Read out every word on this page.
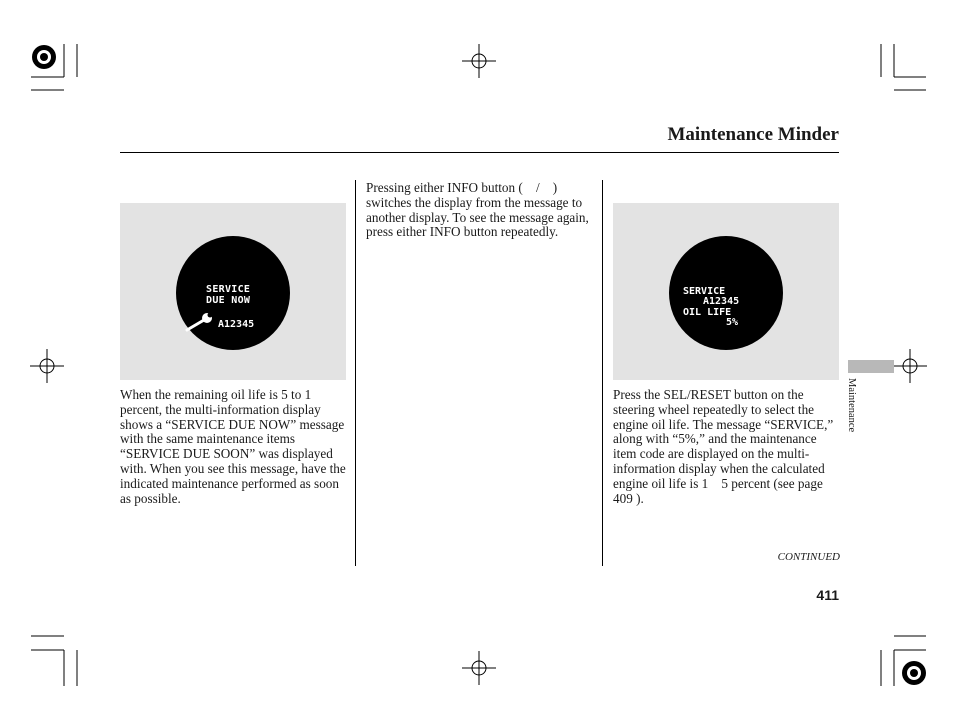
Maintenance Minder
SERVICE
DUE NOW
A12345
SERVICE
A12345
OIL LIFE
5%
When the remaining oil life is 5 to 1 percent, the multi-information display shows a “SERVICE DUE NOW” message with the same maintenance items “SERVICE DUE SOON” was displayed with. When you see this message, have the indicated maintenance performed as soon as possible.
Pressing either INFO button (  /  ) switches the display from the message to another display. To see the message again, press either INFO button repeatedly.
Press the SEL/RESET button on the steering wheel repeatedly to select the engine oil life. The message “SERVICE,” along with “5%,” and the maintenance item code are displayed on the multi-information display when the calculated engine oil life is 1  5 percent (see page 409 ).
CONTINUED
411
Maintenance
